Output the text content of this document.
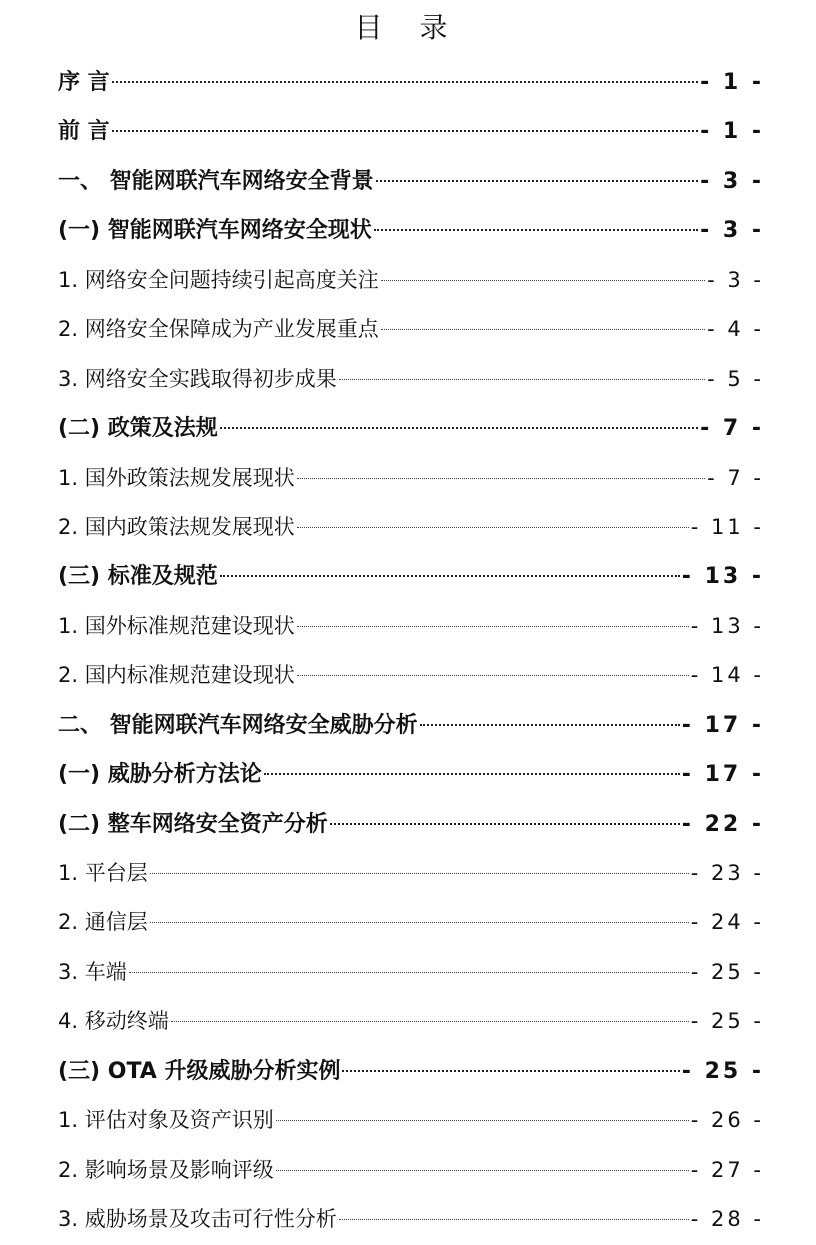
目 录
序 言	- 1 -
前 言	- 1 -
一、 智能网联汽车网络安全背景	- 3 -
(一) 智能网联汽车网络安全现状	- 3 -
1. 网络安全问题持续引起高度关注	- 3 -
2. 网络安全保障成为产业发展重点	- 4 -
3. 网络安全实践取得初步成果	- 5 -
(二) 政策及法规	- 7 -
1. 国外政策法规发展现状	- 7 -
2. 国内政策法规发展现状	- 11 -
(三) 标准及规范	- 13 -
1. 国外标准规范建设现状	- 13 -
2. 国内标准规范建设现状	- 14 -
二、 智能网联汽车网络安全威胁分析	- 17 -
(一) 威胁分析方法论	- 17 -
(二) 整车网络安全资产分析	- 22 -
1. 平台层	- 23 -
2. 通信层	- 24 -
3. 车端	- 25 -
4. 移动终端	- 25 -
(三) OTA 升级威胁分析实例	- 25 -
1. 评估对象及资产识别	- 26 -
2. 影响场景及影响评级	- 27 -
3. 威胁场景及攻击可行性分析	- 28 -
